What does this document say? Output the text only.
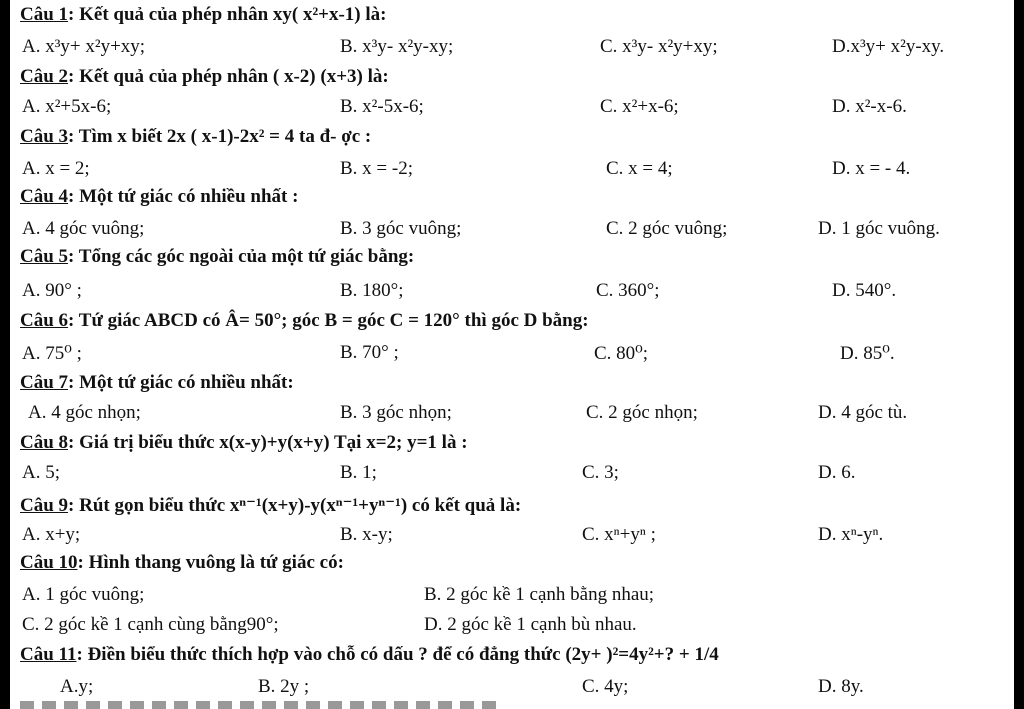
Câu 1: Kết quả của phép nhân xy( x²+x-1) là:
A. x³y+ x²y+xy;	B. x³y- x²y-xy;	C. x³y- x²y+xy;	D.x³y+ x²y-xy.
Câu 2: Kết quả của phép nhân ( x-2) (x+3) là:
A. x²+5x-6;	B. x²-5x-6;	C. x²+x-6;	D. x²-x-6.
Câu 3: Tìm x biết 2x ( x-1)-2x² = 4 ta đ- ợc :
A. x = 2;	B. x = -2;	C. x = 4;	D. x = - 4.
Câu 4: Một tứ giác có nhiều nhất :
A. 4 góc vuông;	B. 3 góc vuông;	C. 2 góc vuông;	D. 1 góc vuông.
Câu 5: Tổng các góc ngoài của một tứ giác bằng:
A. 90° ;	B. 180°;	C. 360°;	D. 540°.
Câu 6: Tứ giác ABCD có Â= 50°; góc B = góc C = 120° thì góc D bằng:
A. 75⁰ ;	B. 70° ;	C. 80⁰;	D. 85⁰.
Câu 7: Một tứ giác có nhiều nhất:
A. 4 góc nhọn;	B. 3 góc nhọn;	C. 2 góc nhọn;	D. 4 góc tù.
Câu 8: Giá trị biểu thức x(x-y)+y(x+y) Tại x=2; y=1 là :
A. 5;	B. 1;	C. 3;	D. 6.
Câu 9: Rút gọn biểu thức xⁿ⁻¹(x+y)-y(xⁿ⁻¹+yⁿ⁻¹) có kết quả là:
A. x+y;	B. x-y;	C. xⁿ+yⁿ ;	D. xⁿ-yⁿ.
Câu 10: Hình thang vuông là tứ giác có:
A. 1 góc vuông;	B. 2 góc kề 1 cạnh bằng nhau;
C. 2 góc kề 1 cạnh cùng bằng90°;	D. 2 góc kề 1 cạnh bù nhau.
Câu 11: Điền biểu thức thích hợp vào chỗ có dấu ? để có đẳng thức (2y+ )²=4y²+? + 1/4
A.y;	B. 2y ;	C. 4y;	D. 8y.
